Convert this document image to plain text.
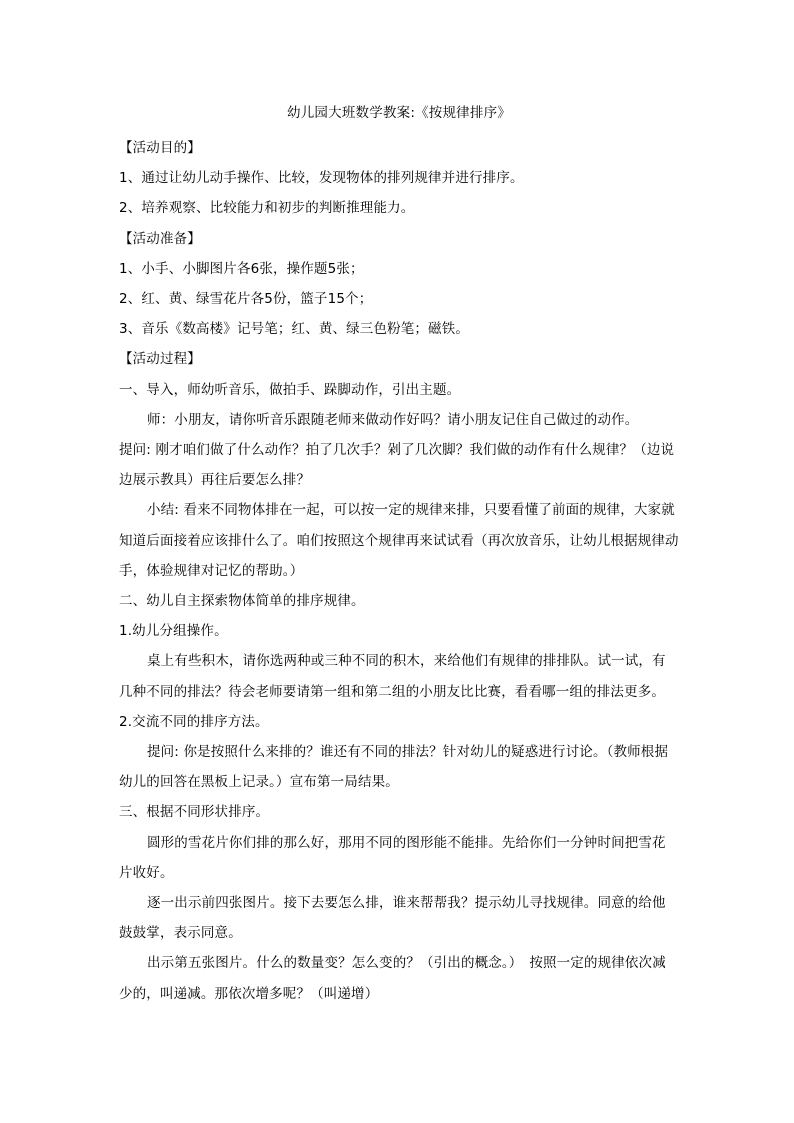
幼儿园大班数学教案:《按规律排序》

【活动目的】

1、通过让幼儿动手操作、比较，发现物体的排列规律并进行排序。

2、培养观察、比较能力和初步的判断推理能力。

【活动准备】

1、小手、小脚图片各6张，操作题5张；

2、红、黄、绿雪花片各5份，篮子15个；

3、音乐《数高楼》记号笔；红、黄、绿三色粉笔；磁铁。

【活动过程】

一、导入，师幼听音乐，做拍手、跺脚动作，引出主题。

师：小朋友，请你听音乐跟随老师来做动作好吗？请小朋友记住自己做过的动作。

提问: 刚才咱们做了什么动作？拍了几次手？剁了几次脚？我们做的动作有什么规律？（边说边展示教具）再往后要怎么排？

小结: 看来不同物体排在一起，可以按一定的规律来排，只要看懂了前面的规律，大家就知道后面接着应该排什么了。咱们按照这个规律再来试试看（再次放音乐，让幼儿根据规律动手，体验规律对记忆的帮助。）

二、幼儿自主探索物体简单的排序规律。

1.幼儿分组操作。

桌上有些积木，请你选两种或三种不同的积木，来给他们有规律的排排队。试一试，有几种不同的排法？待会老师要请第一组和第二组的小朋友比比赛，看看哪一组的排法更多。

2.交流不同的排序方法。

提问: 你是按照什么来排的？谁还有不同的排法？针对幼儿的疑惑进行讨论。（教师根据幼儿的回答在黑板上记录。）宣布第一局结果。

三、根据不同形状排序。

圆形的雪花片你们排的那么好，那用不同的图形能不能排。先给你们一分钟时间把雪花片收好。

逐一出示前四张图片。接下去要怎么排，谁来帮帮我？提示幼儿寻找规律。同意的给他鼓鼓掌，表示同意。

出示第五张图片。什么的数量变？怎么变的？（引出的概念。）　按照一定的规律依次减少的，叫递减。那依次增多呢？（叫递增）
